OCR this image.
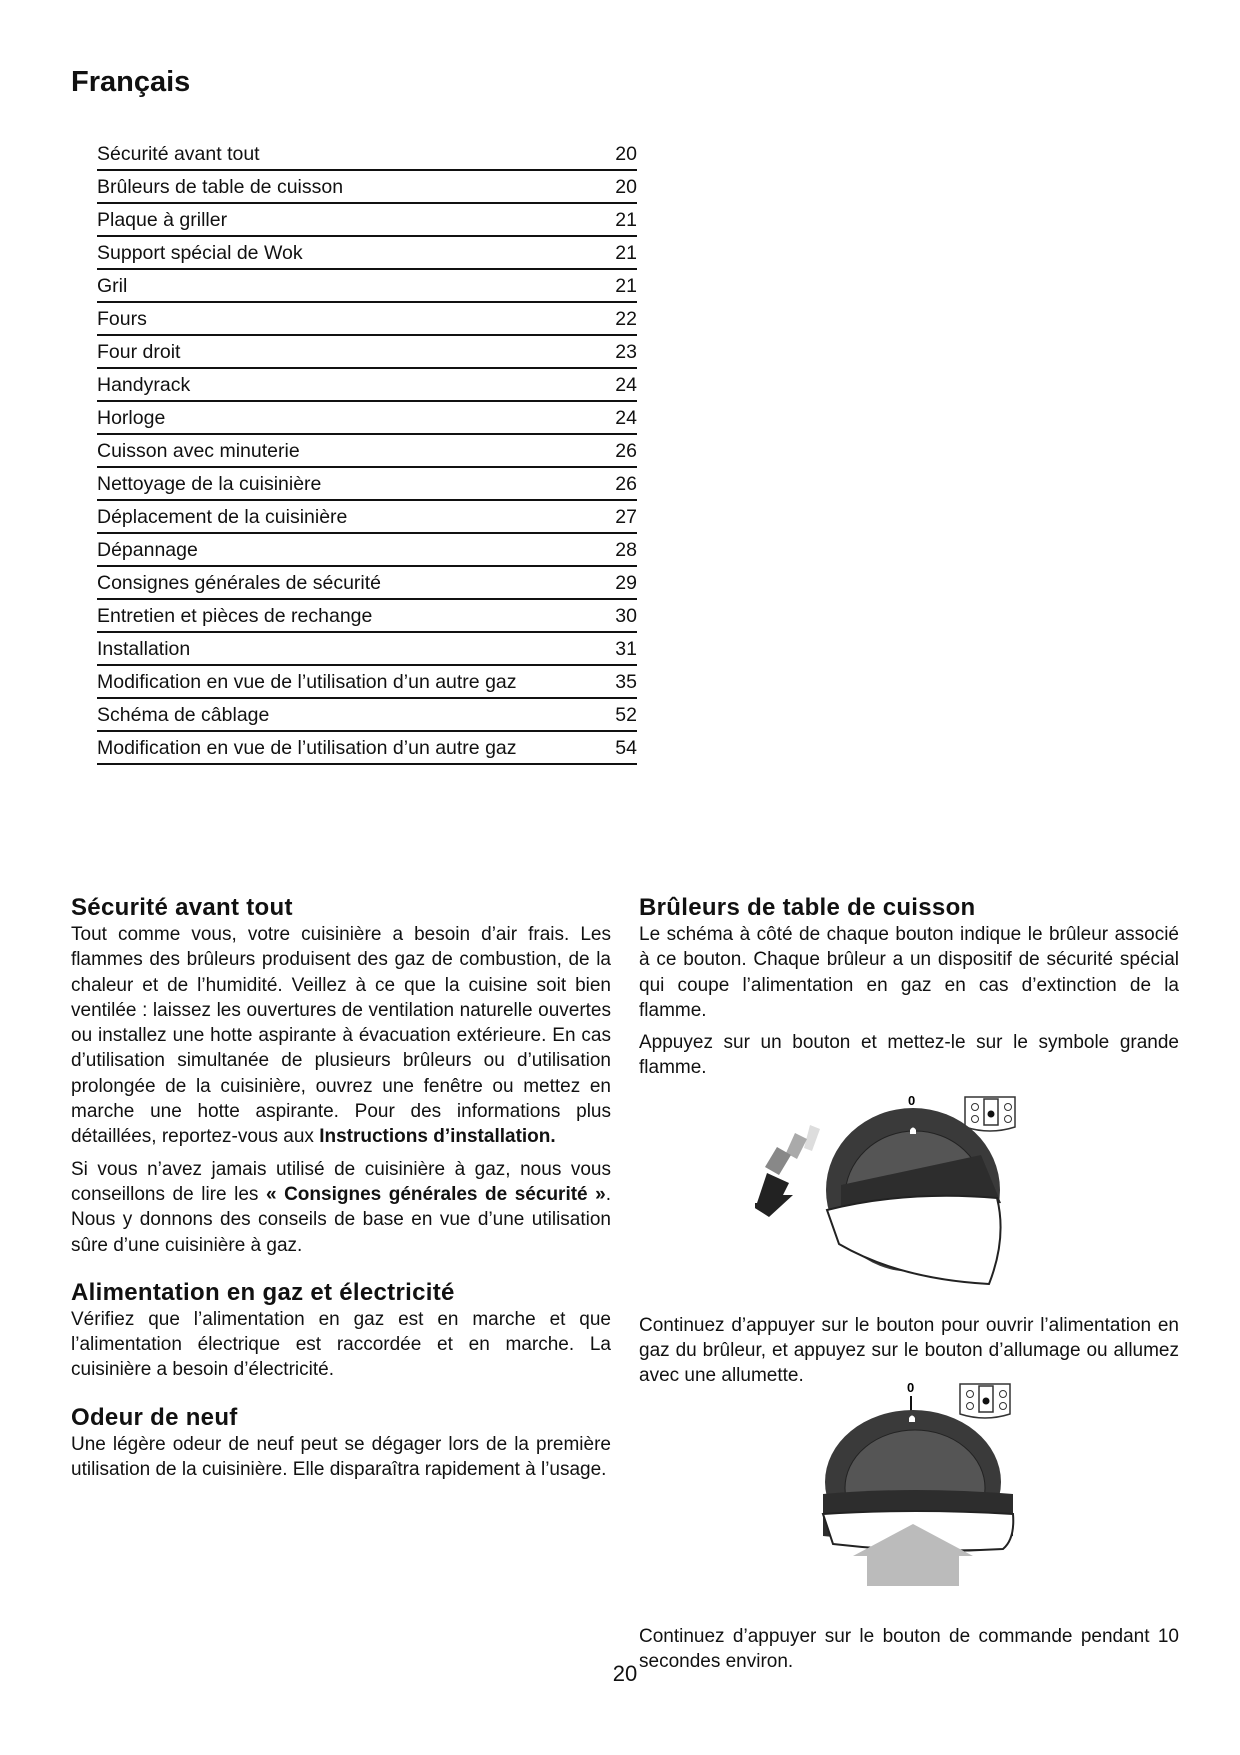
Français
Sécurité avant tout	20
Brûleurs de table de cuisson	20
Plaque à griller	21
Support spécial de Wok	21
Gril	21
Fours	22
Four droit	23
Handyrack	24
Horloge	24
Cuisson avec minuterie	26
Nettoyage de la cuisinière	26
Déplacement de la cuisinière	27
Dépannage	28
Consignes générales de sécurité	29
Entretien et pièces de rechange	30
Installation	31
Modification en vue de l’utilisation d’un autre gaz	35
Schéma de câblage	52
Modification en vue de l’utilisation d’un autre gaz	54
Sécurité avant tout

Tout comme vous, votre cuisinière a besoin d’air frais. Les flammes des brûleurs produisent des gaz de combustion, de la chaleur et de l’humidité. Veillez à ce que la cuisine soit bien ventilée : laissez les ouvertures de ventilation naturelle ouvertes ou installez une hotte aspirante à évacuation extérieure. En cas d’utilisation simultanée de plusieurs brûleurs ou d’utilisation prolongée de la cuisinière, ouvrez une fenêtre ou mettez en marche une hotte aspirante. Pour des informations plus détaillées, reportez-vous aux Instructions d’installation.

Si vous n’avez jamais utilisé de cuisinière à gaz, nous vous conseillons de lire les « Consignes générales de sécurité ». Nous y donnons des conseils de base en vue d’une utilisation sûre d’une cuisinière à gaz.

Alimentation en gaz et électricité

Vérifiez que l’alimentation en gaz est en marche et que l’alimentation électrique est raccordée et en marche. La cuisinière a besoin d’électricité.

Odeur de neuf

Une légère odeur de neuf peut se dégager lors de la première utilisation de la cuisinière. Elle disparaîtra rapidement à l’usage.

Brûleurs de table de cuisson

Le schéma à côté de chaque bouton indique le brûleur associé à ce bouton. Chaque brûleur a un dispositif de sécurité spécial qui coupe l’alimentation en gaz en cas d’extinction de la flamme.

Appuyez sur un bouton et mettez-le sur le symbole grande flamme.

Continuez d’appuyer sur le bouton pour ouvrir l’alimentation en gaz du brûleur, et appuyez sur le bouton d’allumage ou allumez avec une allumette.

Continuez d’appuyer sur le bouton de commande pendant 10 secondes environ.

0
0
20
